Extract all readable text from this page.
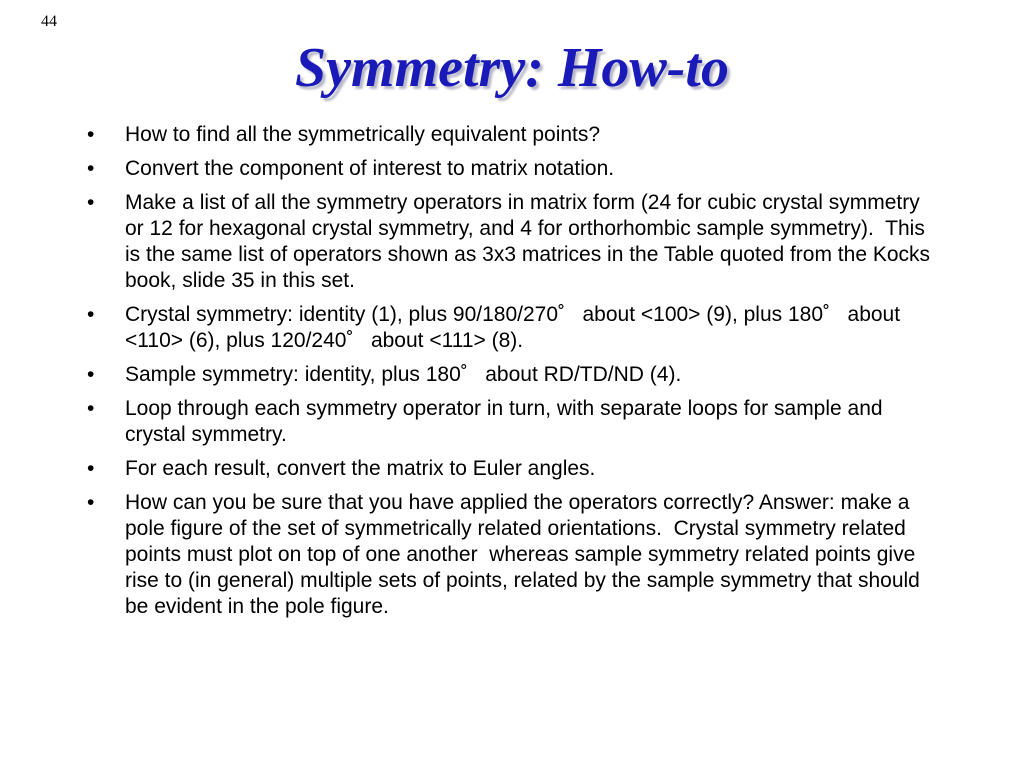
44
Symmetry: How-to
• How to find all the symmetrically equivalent points?
• Convert the component of interest to matrix notation.
• Make a list of all the symmetry operators in matrix form (24 for cubic crystal symmetry or 12 for hexagonal crystal symmetry, and 4 for orthorhombic sample symmetry).  This is the same list of operators shown as 3x3 matrices in the Table quoted from the Kocks book, slide 35 in this set.
• Crystal symmetry: identity (1), plus 90/180/270˚   about <100> (9), plus 180˚   about <110> (6), plus 120/240˚   about <111> (8).
• Sample symmetry: identity, plus 180˚   about RD/TD/ND (4).
• Loop through each symmetry operator in turn, with separate loops for sample and crystal symmetry.
• For each result, convert the matrix to Euler angles.
• How can you be sure that you have applied the operators correctly? Answer: make a pole figure of the set of symmetrically related orientations.  Crystal symmetry related points must plot on top of one another  whereas sample symmetry related points give rise to (in general) multiple sets of points, related by the sample symmetry that should be evident in the pole figure.
